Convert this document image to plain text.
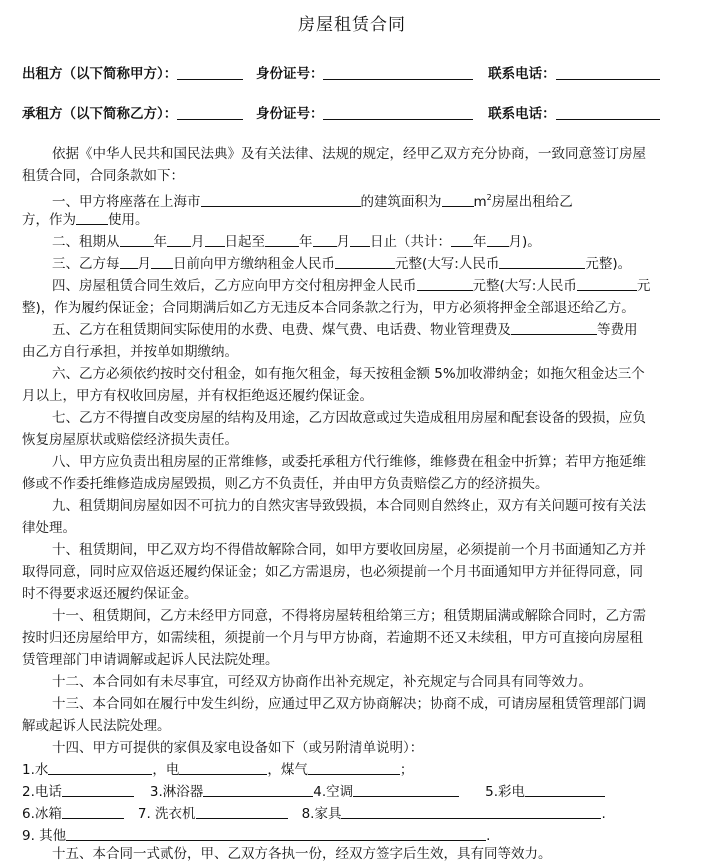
房屋租赁合同
出租方（以下简称甲方）：	身份证号：	联系电话：
承租方（以下简称乙方）：	身份证号：	联系电话：
依据《中华人民共和国民法典》及有关法律、法规的规定，经甲乙双方充分协商，一致同意签订房屋
租赁合同，合同条款如下：
一、甲方将座落在上海市	的建筑面积为 $m^2$房屋出租给乙
方，作为 使用。
二、租期从	年 月 日起至	年 月 日止（共计： 年 月)。
三、乙方每 月 日前向甲方缴纳租金人民币	元整(大写:人民币	元整)。
四、房屋租赁合同生效后，乙方应向甲方交付租房押金人民币	元整(大写:人民币	元
整)，作为履约保证金；合同期满后如乙方无违反本合同条款之行为，甲方必须将押金全部退还给乙方。
五、乙方在租赁期间实际使用的水费、电费、煤气费、电话费、物业管理费及	等费用
由乙方自行承担，并按单如期缴纳。
六、乙方必须依约按时交付租金，如有拖欠租金，每天按租金额 5%加收滞纳金；如拖欠租金达三个
月以上，甲方有权收回房屋，并有权拒绝返还履约保证金。
七、乙方不得擅自改变房屋的结构及用途，乙方因故意或过失造成租用房屋和配套设备的毁损，应负
恢复房屋原状或赔偿经济损失责任。
八、甲方应负责出租房屋的正常维修，或委托承租方代行维修，维修费在租金中折算；若甲方拖延维
修或不作委托维修造成房屋毁损，则乙方不负责任，并由甲方负责赔偿乙方的经济损失。
九、租赁期间房屋如因不可抗力的自然灾害导致毁损，本合同则自然终止，双方有关问题可按有关法
律处理。
十、租赁期间，甲乙双方均不得借故解除合同，如甲方要收回房屋，必须提前一个月书面通知乙方并
取得同意，同时应双倍返还履约保证金；如乙方需退房，也必须提前一个月书面通知甲方并征得同意，同
时不得要求返还履约保证金。
十一、租赁期间，乙方未经甲方同意，不得将房屋转租给第三方；租赁期届满或解除合同时，乙方需
按时归还房屋给甲方，如需续租，须提前一个月与甲方协商，若逾期不还又未续租，甲方可直接向房屋租
赁管理部门申请调解或起诉人民法院处理。
十二、本合同如有未尽事宜，可经双方协商作出补充规定，补充规定与合同具有同等效力。
十三、本合同如在履行中发生纠纷，应通过甲乙双方协商解决；协商不成，可请房屋租赁管理部门调
解或起诉人民法院处理。
十四、甲方可提供的家俱及家电设备如下（或另附清单说明）：
1.水	，电	，煤气	；
2.电话	3.淋浴器	4.空调	5.彩电
6.冰箱	7. 洗衣机	8.家具	.
9. 其他	.
十五、本合同一式贰份，甲、乙双方各执一份，经双方签字后生效，具有同等效力。
